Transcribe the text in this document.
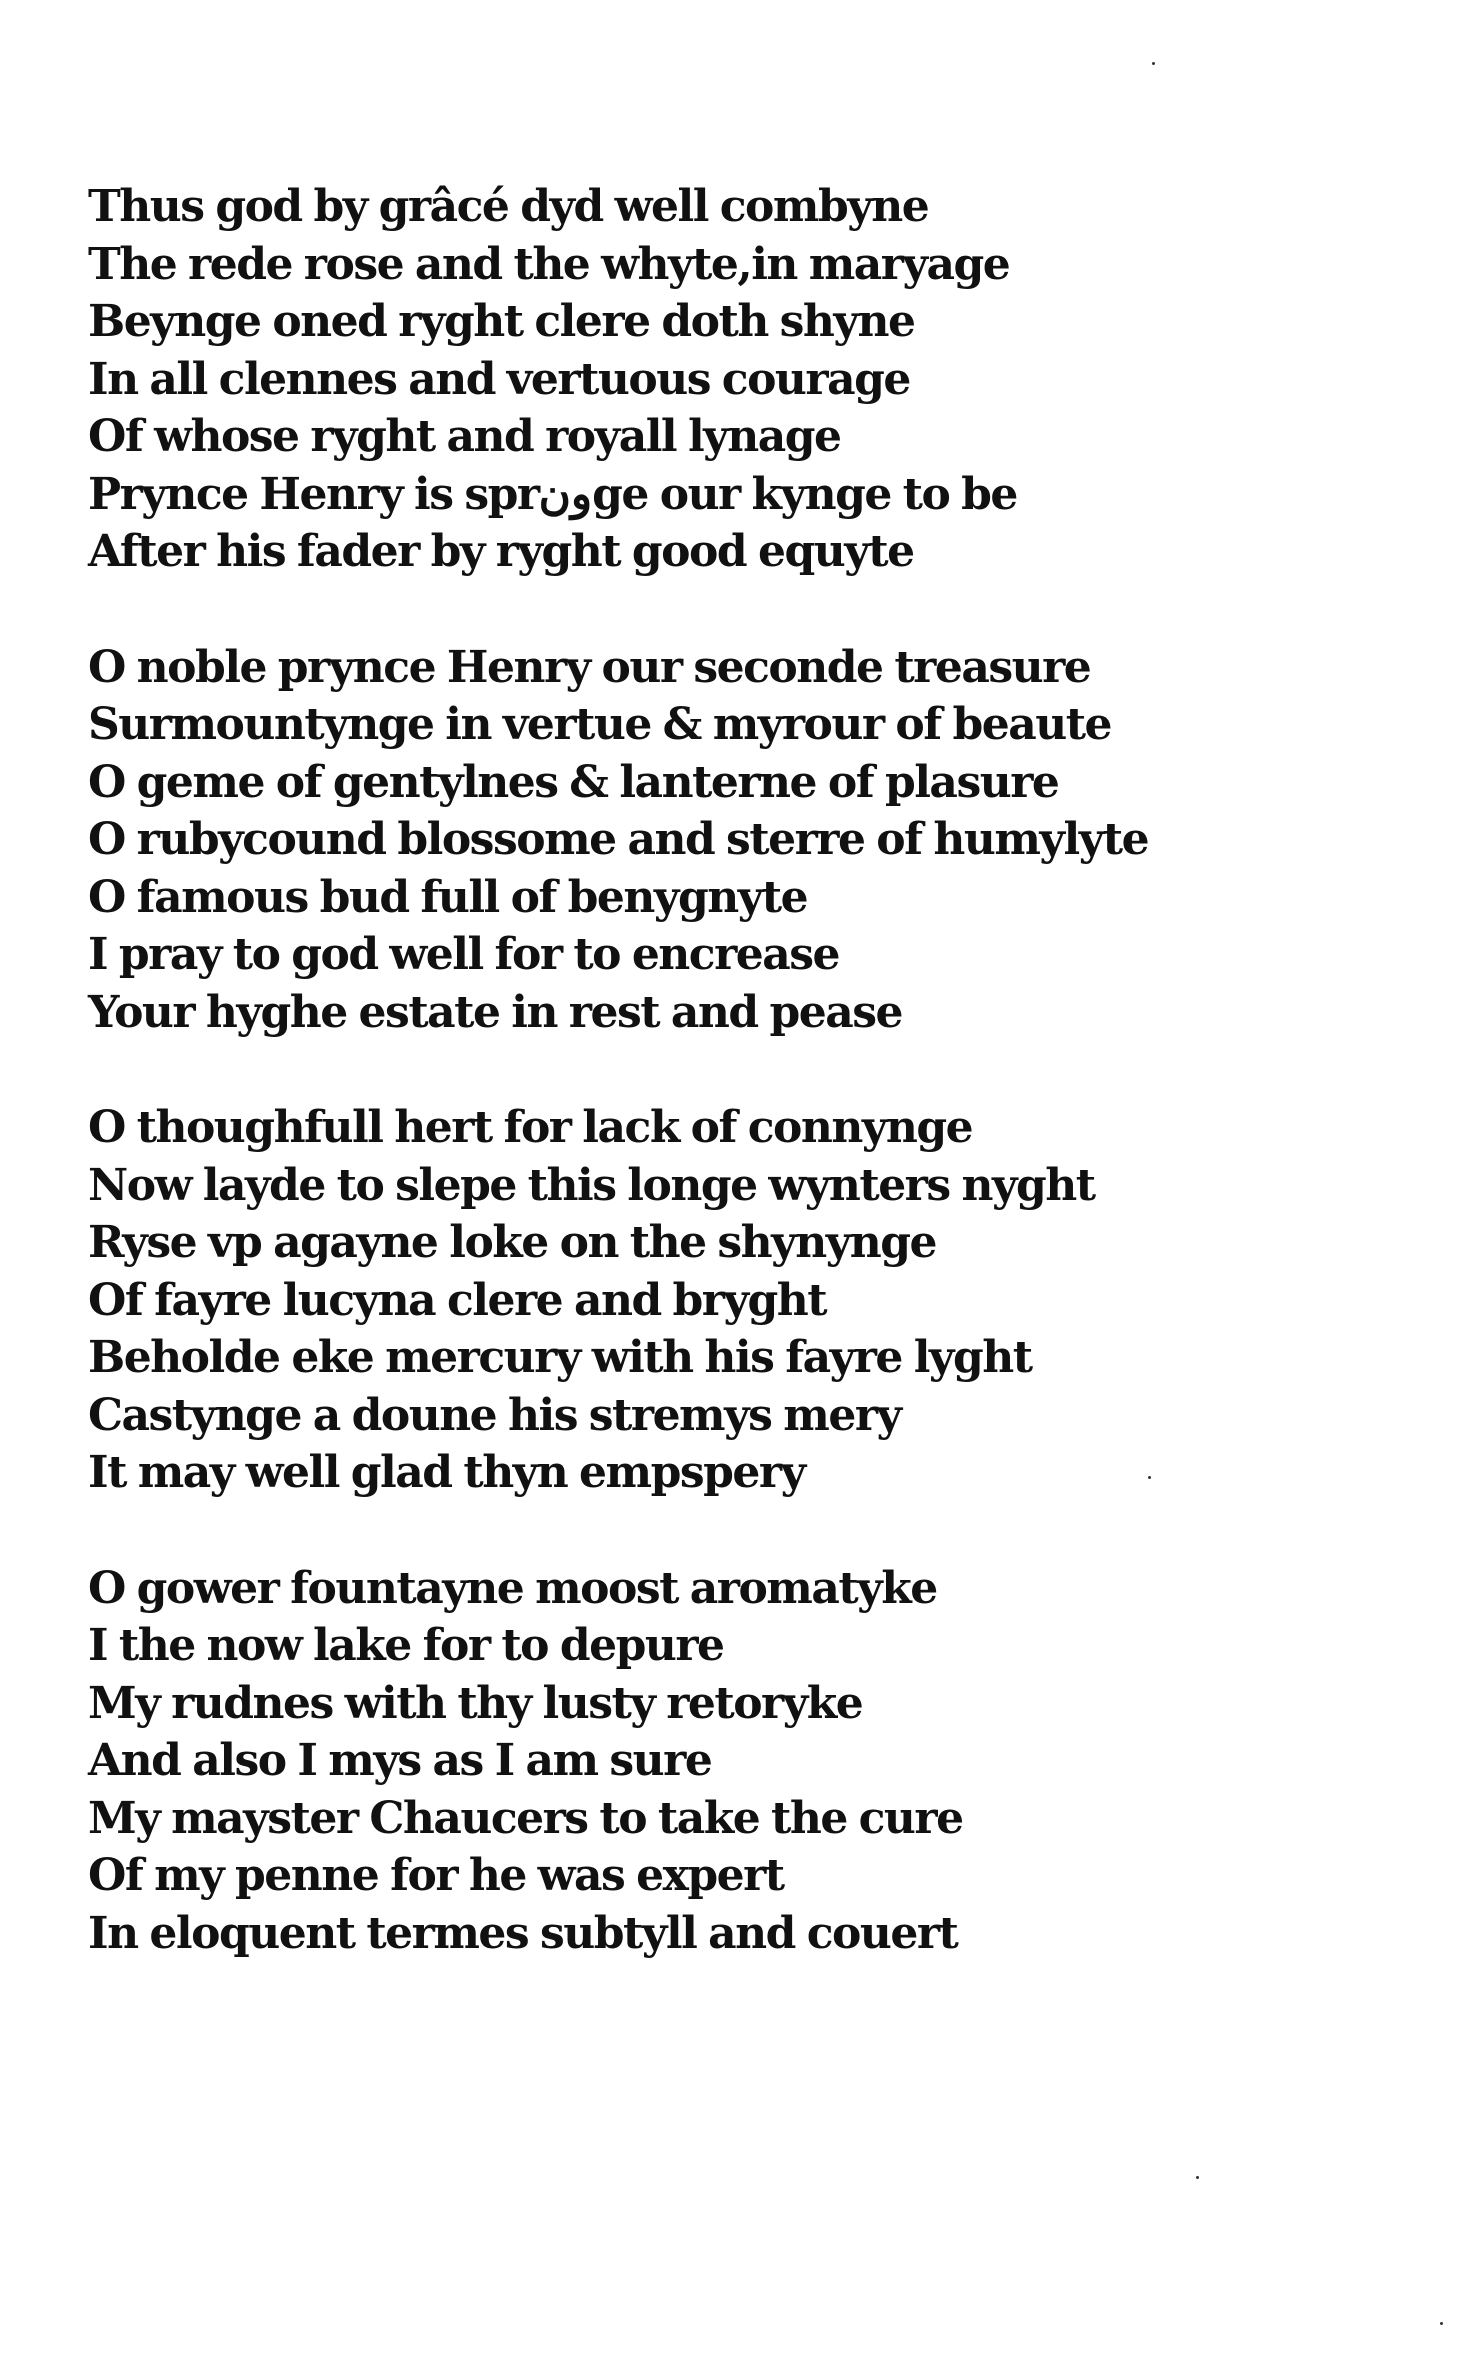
Thus god by grâcé dyd well combyne
The rede rose and the whyte,in maryage
Beynge oned ryght clere doth shyne
In all clennes and vertuous courage
Of whose ryght and royall lynage
Prynce Henry is sprونge our kynge to be
After his fader by ryght good equyte
O noble prynce Henry our seconde treasure
Surmountynge in vertue & myrour of beaute
O geme of gentylnes & lanterne of plasure
O rubycound blossome and sterre of humylyte
O famous bud full of benygnyte
I pray to god well for to encrease
Your hyghe estate in rest and pease
O thoughfull hert for lack of connynge
Now layde to slepe this longe wynters nyght
Ryse vp agayne loke on the shynynge
Of fayre lucyna clere and bryght
Beholde eke mercury with his fayre lyght
Castynge a doune his stremys mery
It may well glad thyn empspery
O gower fountayne moost aromatyke
I the now lake for to depure
My rudnes with thy lusty retoryke
And also I mys as I am sure
My mayster Chaucers to take the cure
Of my penne for he was expert
In eloquent termes subtyll and couert
